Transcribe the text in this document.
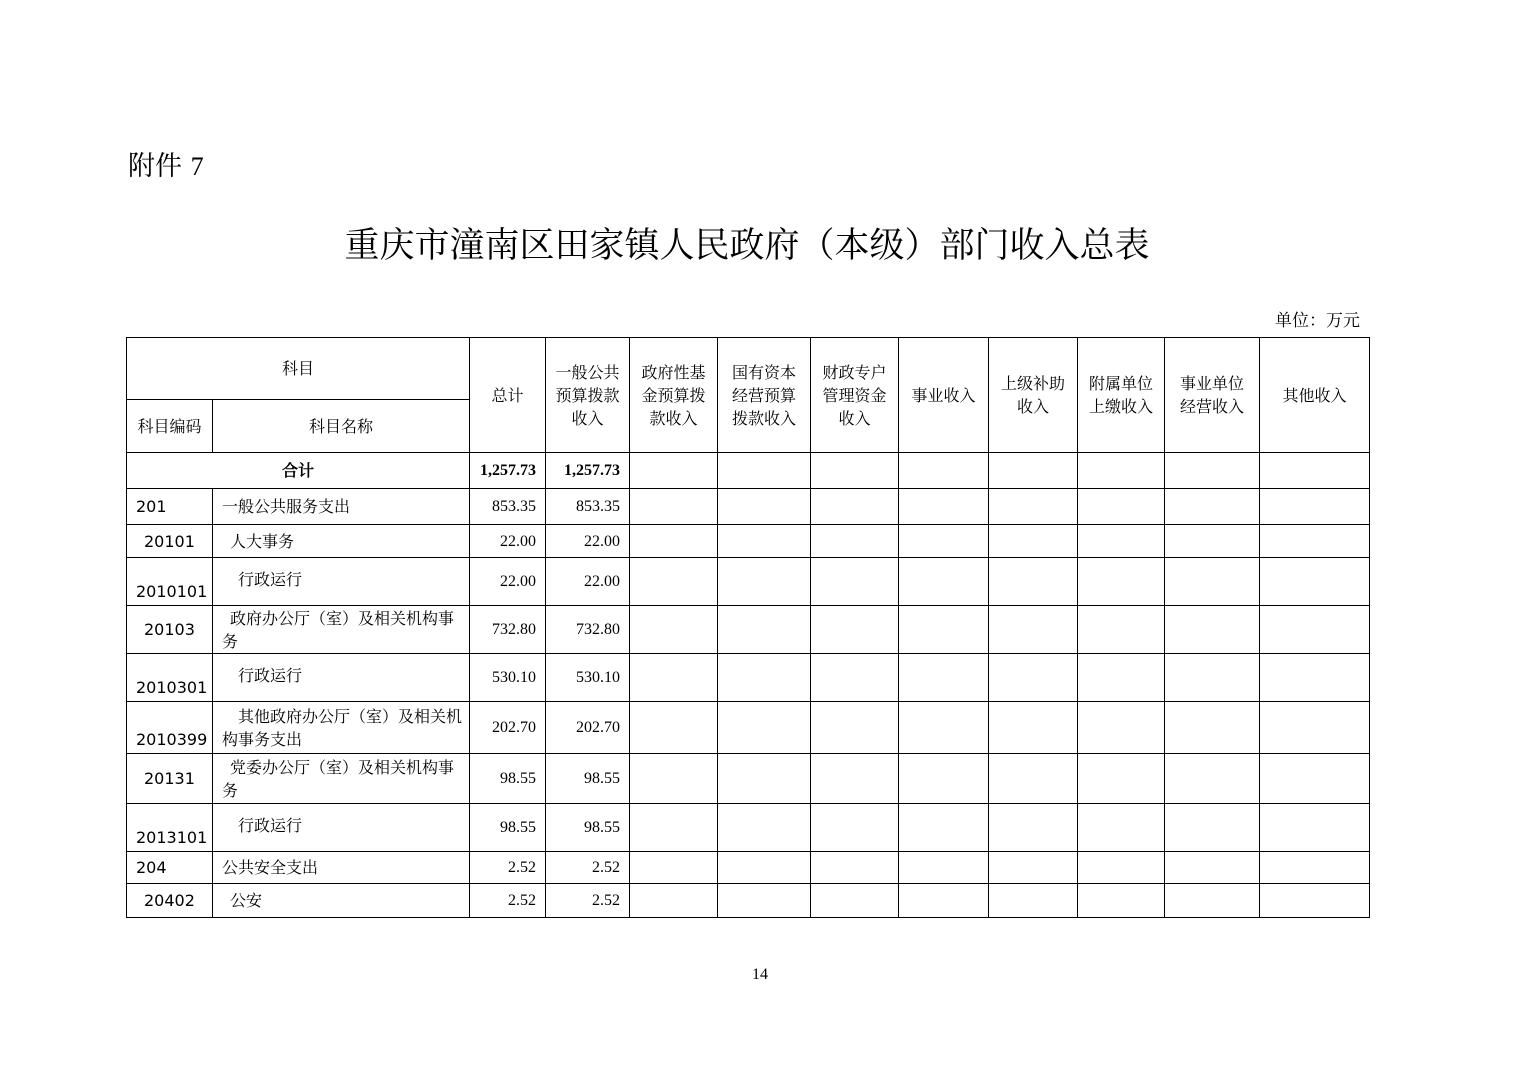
附件 7
重庆市潼南区田家镇人民政府（本级）部门收入总表
单位：万元
科目		总计	一般公共预算拨款收入	政府性基金预算拨款收入	国有资本经营预算拨款收入	财政专户管理资金收入	事业收入	上级补助收入	附属单位上缴收入	事业单位经营收入	其他收入
科目编码	科目名称										
合计		1,257.73	1,257.73								
201	一般公共服务支出	853.35	853.35								
20101	人大事务	22.00	22.00								
2010101	行政运行	22.00	22.00								
20103	政府办公厅（室）及相关机构事务	732.80	732.80								
2010301	行政运行	530.10	530.10								
2010399	其他政府办公厅（室）及相关机构事务支出	202.70	202.70								
20131	党委办公厅（室）及相关机构事务	98.55	98.55								
2013101	行政运行	98.55	98.55								
204	公共安全支出	2.52	2.52								
20402	公安	2.52	2.52								
14
